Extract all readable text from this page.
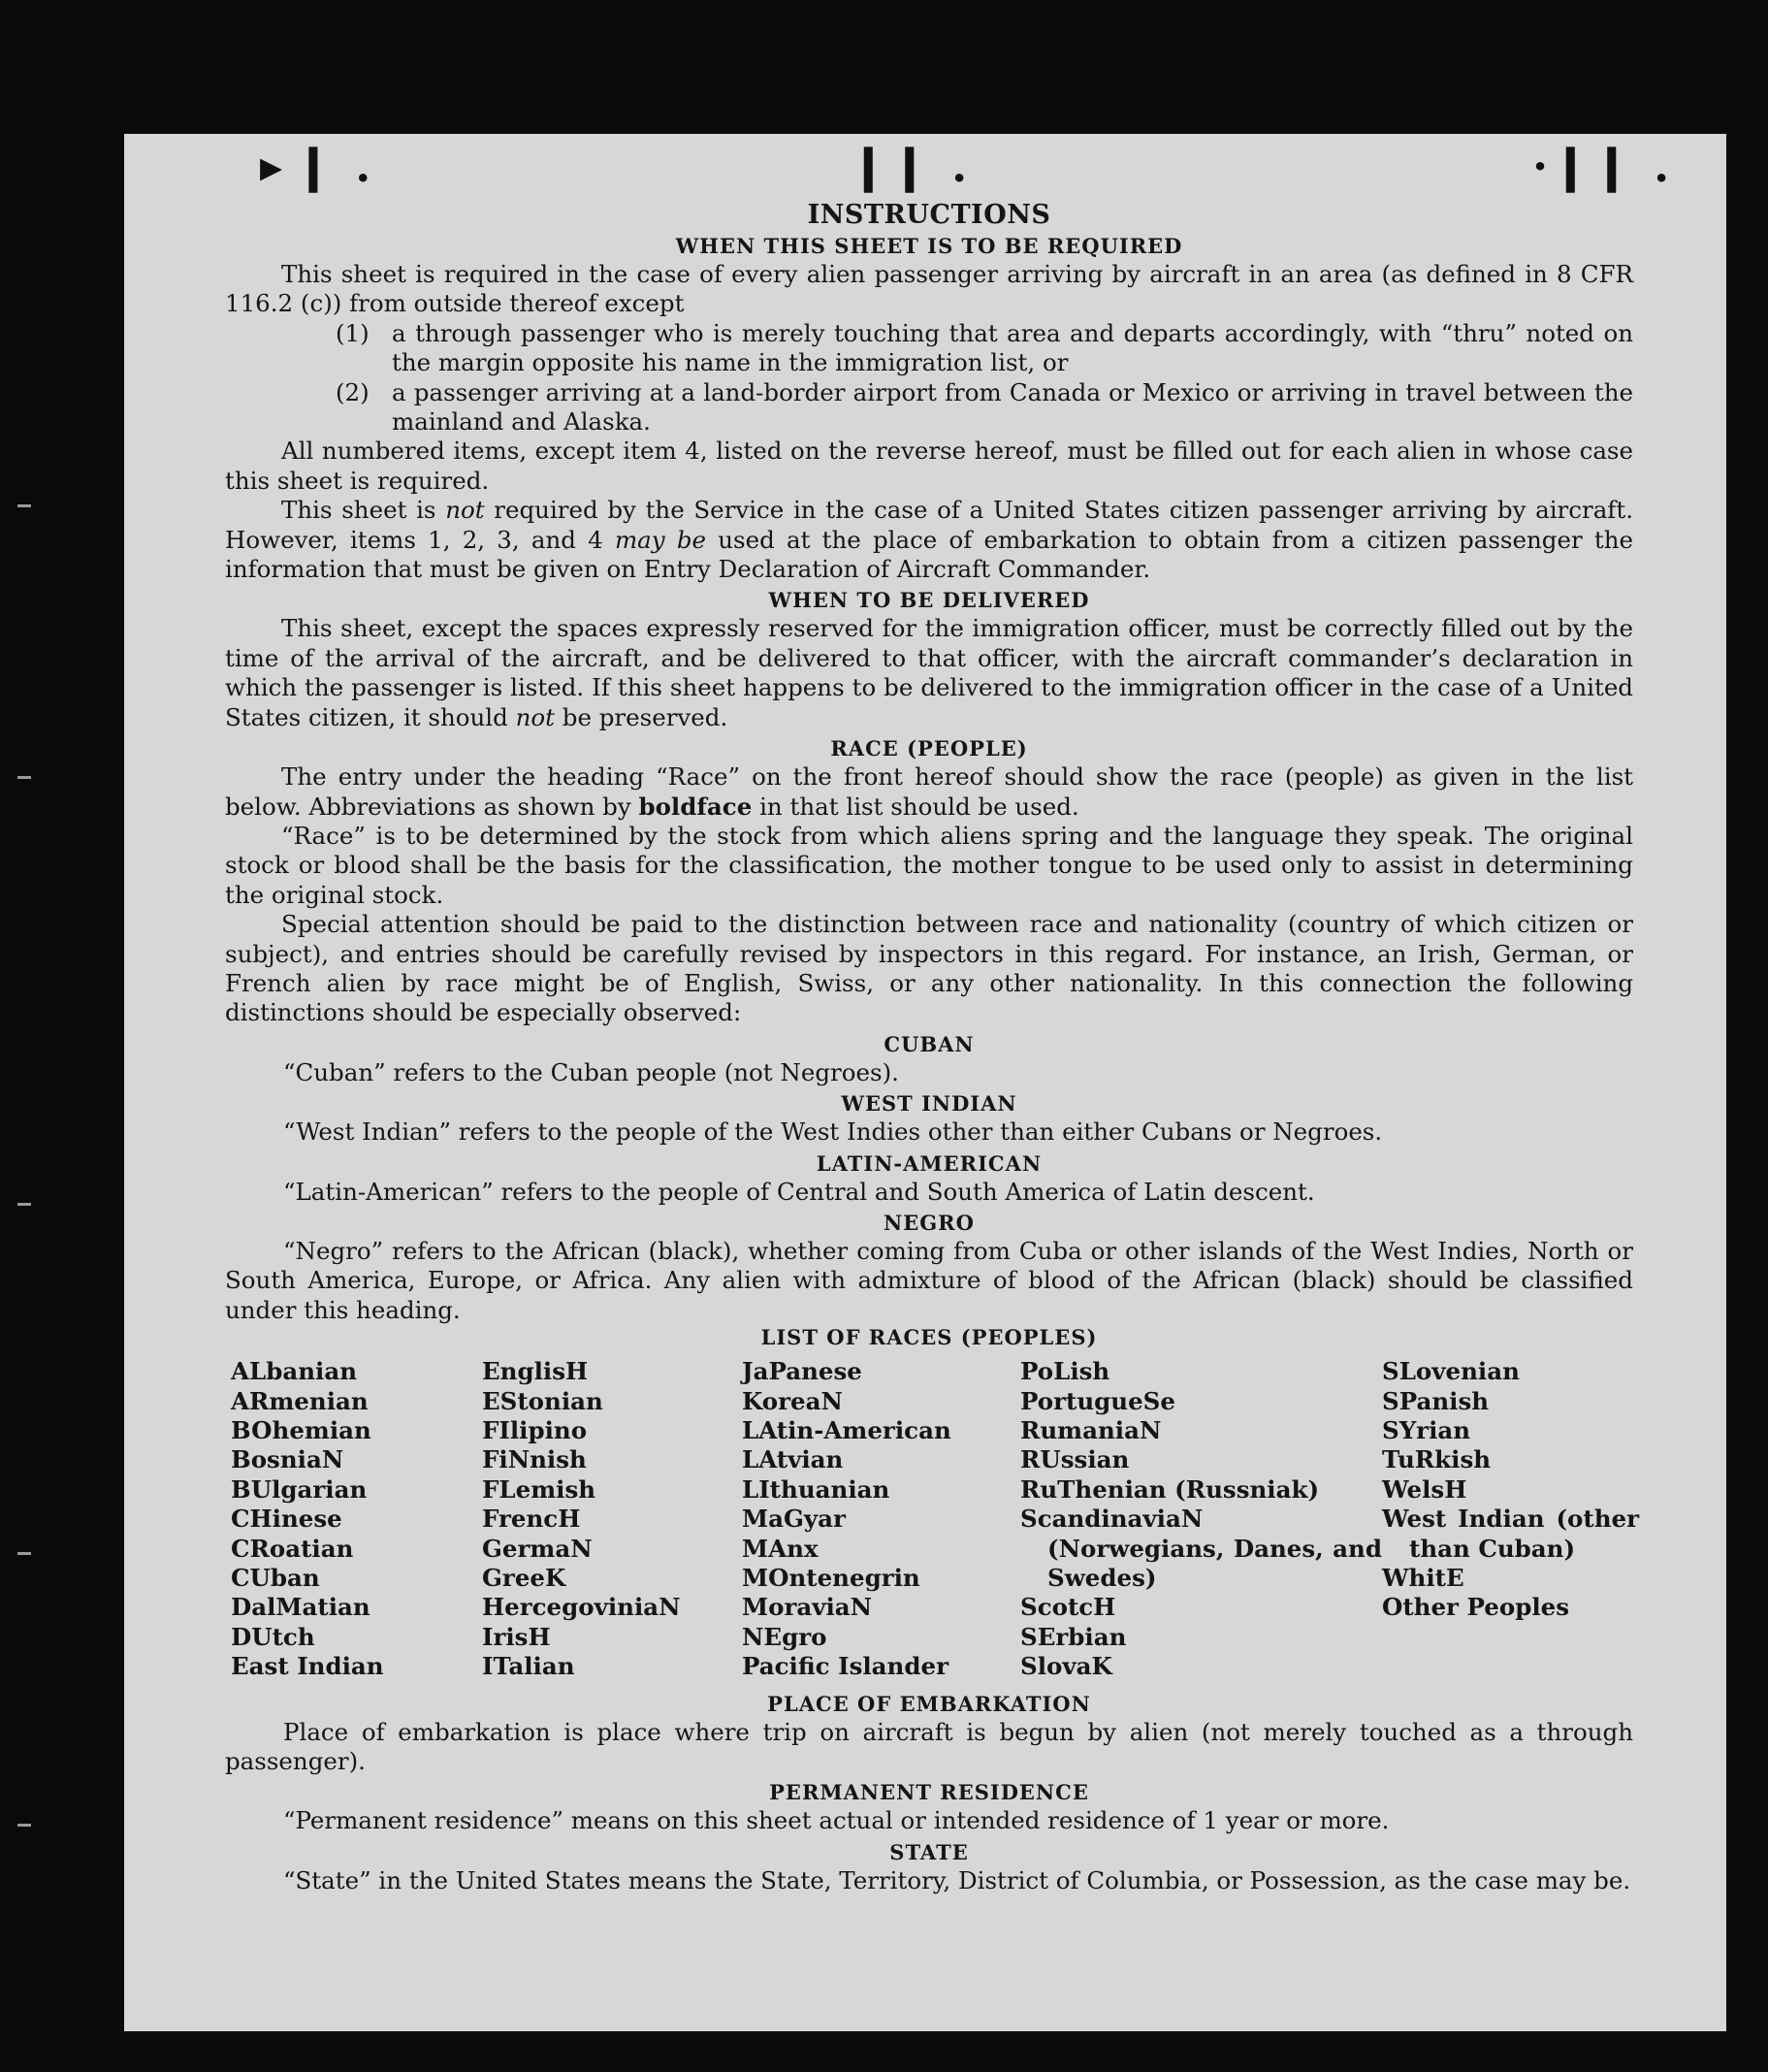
▸ ❙ .	❙❙ .	·❙❙ .
INSTRUCTIONS
WHEN THIS SHEET IS TO BE REQUIRED

This sheet is required in the case of every alien passenger arriving by aircraft in an area (as defined in 8 CFR 116.2 (c)) from outside thereof except

(1) a through passenger who is merely touching that area and departs accordingly, with “thru” noted on the margin opposite his name in the immigration list, or
(2) a passenger arriving at a land-border airport from Canada or Mexico or arriving in travel between the mainland and Alaska.

All numbered items, except item 4, listed on the reverse hereof, must be filled out for each alien in whose case this sheet is required.

This sheet is not required by the Service in the case of a United States citizen passenger arriving by aircraft. However, items 1, 2, 3, and 4 may be used at the place of embarkation to obtain from a citizen passenger the information that must be given on Entry Declaration of Aircraft Commander.

WHEN TO BE DELIVERED

This sheet, except the spaces expressly reserved for the immigration officer, must be correctly filled out by the time of the arrival of the aircraft, and be delivered to that officer, with the aircraft commander’s declaration in which the passenger is listed. If this sheet happens to be delivered to the immigration officer in the case of a United States citizen, it should not be preserved.

RACE (PEOPLE)

The entry under the heading “Race” on the front hereof should show the race (people) as given in the list below. Abbreviations as shown by boldface in that list should be used.

“Race” is to be determined by the stock from which aliens spring and the language they speak. The original stock or blood shall be the basis for the classification, the mother tongue to be used only to assist in determining the original stock.

Special attention should be paid to the distinction between race and nationality (country of which citizen or subject), and entries should be carefully revised by inspectors in this regard. For instance, an Irish, German, or French alien by race might be of English, Swiss, or any other nationality. In this connection the following distinctions should be especially observed:

CUBAN

“Cuban” refers to the Cuban people (not Negroes).

WEST INDIAN

“West Indian” refers to the people of the West Indies other than either Cubans or Negroes.

LATIN-AMERICAN

“Latin-American” refers to the people of Central and South America of Latin descent.

NEGRO

“Negro” refers to the African (black), whether coming from Cuba or other islands of the West Indies, North or South America, Europe, or Africa. Any alien with admixture of blood of the African (black) should be classified under this heading.

LIST OF RACES (PEOPLES)
ALbanian
ARmenian
BOhemian
BosniaN
BUlgarian
CHinese
CRoatian
CUban
DalMatian
DUtch
East Indian
EnglisH
EStonian
FIlipino
FiNnish
FLemish
FrencH
GermaN
GreeK
HercegoviniaN
IrisH
ITalian
JaPanese
KoreaN
LAtin-American
LAtvian
LIthuanian
MaGyar
MAnx
MOntenegrin
MoraviaN
NEgro
Pacific Islander
PoLish
PortugueSe
RumaniaN
RUssian
RuThenian (Russniak)
ScandinaviaN (Norwegians, Danes, and Swedes)
ScotcH
SErbian
SlovaK
SLovenian
SPanish
SYrian
TuRkish
WelsH
West Indian (other than Cuban)
WhitE
Other Peoples
PLACE OF EMBARKATION

Place of embarkation is place where trip on aircraft is begun by alien (not merely touched as a through passenger).

PERMANENT RESIDENCE

“Permanent residence” means on this sheet actual or intended residence of 1 year or more.

STATE

“State” in the United States means the State, Territory, District of Columbia, or Possession, as the case may be.
